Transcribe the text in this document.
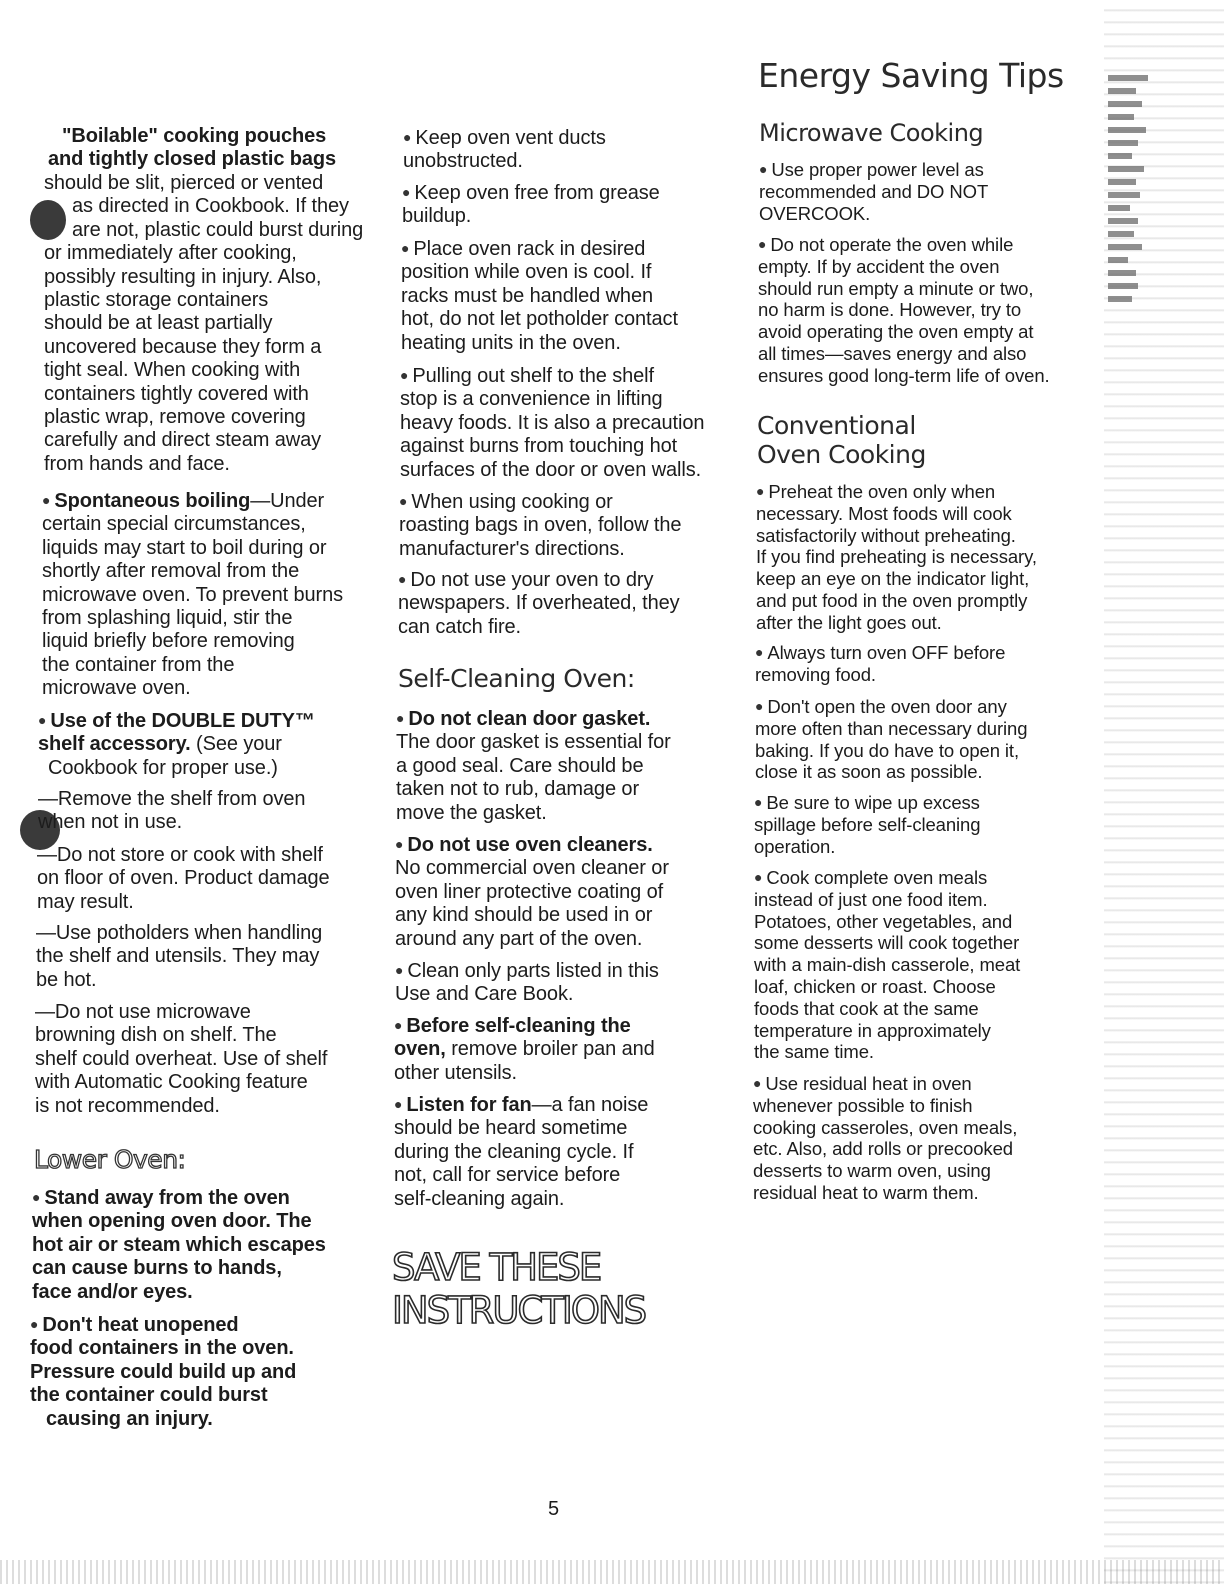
Energy Saving Tips

"Boilable" cooking pouches

and tightly closed plastic bags

should be slit, pierced or vented

as directed in Cookbook. If they

are not, plastic could burst during

or immediately after cooking,

possibly resulting in injury. Also,

plastic storage containers

should be at least partially

uncovered because they form a

tight seal. When cooking with

containers tightly covered with

plastic wrap, remove covering

carefully and direct steam away

from hands and face.

● Spontaneous boiling—Under

certain special circumstances,

liquids may start to boil during or

shortly after removal from the

microwave oven. To prevent burns

from splashing liquid, stir the

liquid briefly before removing

the container from the

microwave oven.

● Use of the DOUBLE DUTY™

shelf accessory. (See your

Cookbook for proper use.)

—Remove the shelf from oven

when not in use.

—Do not store or cook with shelf

on floor of oven. Product damage

may result.

—Use potholders when handling

the shelf and utensils. They may

be hot.

—Do not use microwave

browning dish on shelf. The

shelf could overheat. Use of shelf

with Automatic Cooking feature

is not recommended.

Lower Oven:

● Stand away from the oven

when opening oven door. The

hot air or steam which escapes

can cause burns to hands,

face and/or eyes.

● Don't heat unopened

food containers in the oven.

Pressure could build up and

the container could burst

causing an injury.

● Keep oven vent ducts

unobstructed.

● Keep oven free from grease

buildup.

● Place oven rack in desired

position while oven is cool. If

racks must be handled when

hot, do not let potholder contact

heating units in the oven.

● Pulling out shelf to the shelf

stop is a convenience in lifting

heavy foods. It is also a precaution

against burns from touching hot

surfaces of the door or oven walls.

● When using cooking or

roasting bags in oven, follow the

manufacturer's directions.

● Do not use your oven to dry

newspapers. If overheated, they

can catch fire.

Self-Cleaning Oven:

● Do not clean door gasket.

The door gasket is essential for

a good seal. Care should be

taken not to rub, damage or

move the gasket.

● Do not use oven cleaners.

No commercial oven cleaner or

oven liner protective coating of

any kind should be used in or

around any part of the oven.

● Clean only parts listed in this

Use and Care Book.

● Before self-cleaning the

oven, remove broiler pan and

other utensils.

● Listen for fan—a fan noise

should be heard sometime

during the cleaning cycle. If

not, call for service before

self-cleaning again.

SAVE THESE
INSTRUCTIONS
Microwave Cooking

● Use proper power level as

recommended and DO NOT

OVERCOOK.

● Do not operate the oven while

empty. If by accident the oven

should run empty a minute or two,

no harm is done. However, try to

avoid operating the oven empty at

all times—saves energy and also

ensures good long-term life of oven.

Conventional
Oven Cooking

● Preheat the oven only when

necessary. Most foods will cook

satisfactorily without preheating.

If you find preheating is necessary,

keep an eye on the indicator light,

and put food in the oven promptly

after the light goes out.

● Always turn oven OFF before

removing food.

● Don't open the oven door any

more often than necessary during

baking. If you do have to open it,

close it as soon as possible.

● Be sure to wipe up excess

spillage before self-cleaning

operation.

● Cook complete oven meals

instead of just one food item.

Potatoes, other vegetables, and

some desserts will cook together

with a main-dish casserole, meat

loaf, chicken or roast. Choose

foods that cook at the same

temperature in approximately

the same time.

● Use residual heat in oven

whenever possible to finish

cooking casseroles, oven meals,

etc. Also, add rolls or precooked

desserts to warm oven, using

residual heat to warm them.

5
